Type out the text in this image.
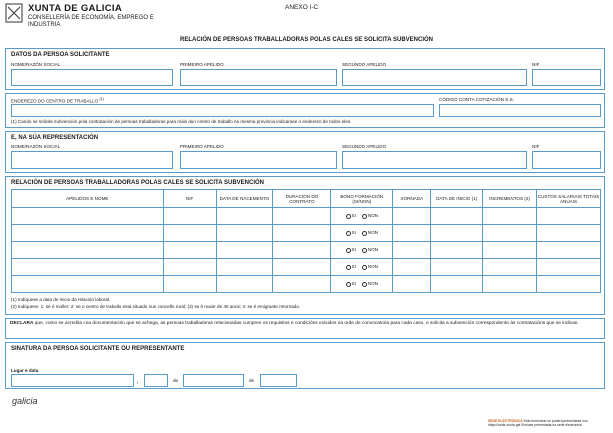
XUNTA DE GALICIA
CONSELLERÍA DE ECONOMÍA, EMPREGO E INDUSTRIA
ANEXO I-C
RELACIÓN DE PERSOAS TRABALLADORAS POLAS CALES SE SOLICITA SUBVENCIÓN
DATOS DA PERSOA SOLICITANTE
NOME/RAZÓN SOCIAL	PRIMEIRO APELIDO	SEGUNDO APELIDO	NIF
ENDEREZO DO CENTRO DE TRABALLO $^{(1)}$	CÓDIGO CONTA COTIZACIÓN S.S.
(1) Cando se solicite subvención pola contratación de persoas traballadoras para máis dun centro de traballo na mesma provincia indicarase o enderezo de todos eles.
E, NA SÚA REPRESENTACIÓN
NOME/RAZÓN SOCIAL	PRIMEIRO APELIDO	SEGUNDO APELIDO	NIF
RELACIÓN DE PERSOAS TRABALLADORAS POLAS CALES SE SOLICITA SUBVENCIÓN
APELIDOS E NOME	NIF	DATA DE NACEMENTO	DURACIÓN DO CONTRATO	BONO FORMACIÓN (SI/NON)	XORNADA	DATA DE INICIO (1)	INCREMENTOS (2)	CUSTOS SALARIAIS TOTAIS ANUAIS
				SI NON				
				SI NON				
				SI NON				
				SI NON				
				SI NON				
(1) Indíquese a data de inicio da relación laboral.
(2) Indíquese: 1: se é muller; 2: se o centro de traballo está situado nun concello rural; (3) se é maior de 45 anos; 4: se é emigrante retornado.
DECLARA que, como se acredita coa documentación que se achega, as persoas traballadoras relacionadas cumpren os requisitos e condicións exixidos na orde de convocatoria para cada caso, e solicita a subvención correspondente ás contratacións que se indican.
SINATURA DA PERSOA SOLICITANTE OU REPRESENTANTE
Lugar e data
,	de	de
galicia
SEDE ELECTRÓNICA Este formulario só poderá presentarse nun
https://sede.xunta.gal Envíase presentada na sede electrónica
